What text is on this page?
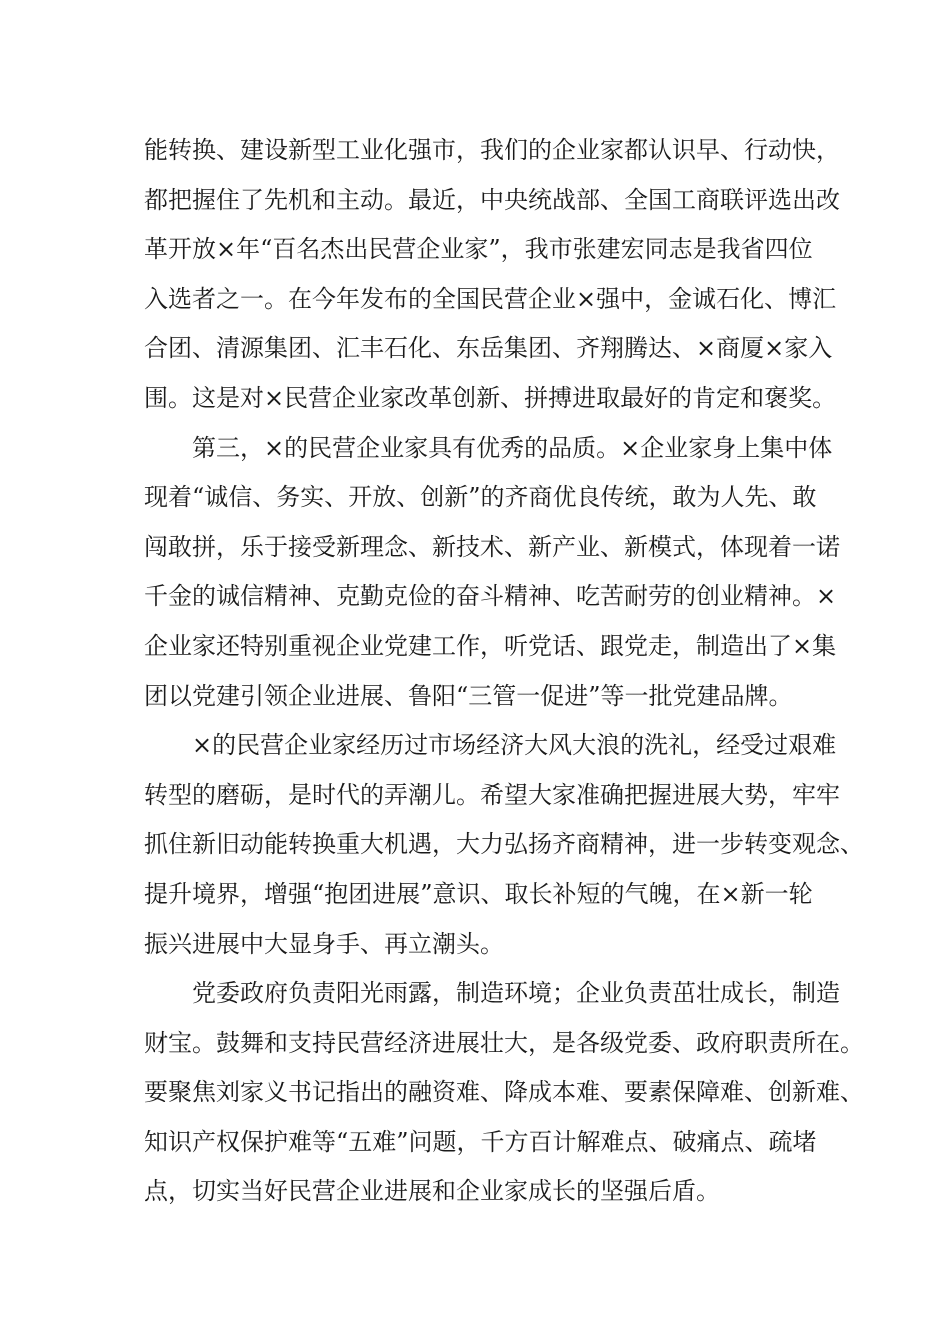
能转换、建设新型工业化强市，我们的企业家都认识早、行动快，
都把握住了先机和主动。最近，中央统战部、全国工商联评选出改
革开放×年“百名杰出民营企业家”，我市张建宏同志是我省四位
入选者之一。在今年发布的全国民营企业×强中，金诚石化、博汇
合团、清源集团、汇丰石化、东岳集团、齐翔腾达、×商厦×家入
围。这是对×民营企业家改革创新、拼搏进取最好的肯定和褒奖。
第三，×的民营企业家具有优秀的品质。×企业家身上集中体
现着“诚信、务实、开放、创新”的齐商优良传统，敢为人先、敢
闯敢拼，乐于接受新理念、新技术、新产业、新模式，体现着一诺
千金的诚信精神、克勤克俭的奋斗精神、吃苦耐劳的创业精神。×
企业家还特别重视企业党建工作，听党话、跟党走，制造出了×集
团以党建引领企业进展、鲁阳“三管一促进”等一批党建品牌。
×的民营企业家经历过市场经济大风大浪的洗礼，经受过艰难
转型的磨砺，是时代的弄潮儿。希望大家准确把握进展大势，牢牢
抓住新旧动能转换重大机遇，大力弘扬齐商精神，进一步转变观念、
提升境界，增强“抱团进展”意识、取长补短的气魄，在×新一轮
振兴进展中大显身手、再立潮头。
党委政府负责阳光雨露，制造环境；企业负责茁壮成长，制造
财宝。鼓舞和支持民营经济进展壮大，是各级党委、政府职责所在。
要聚焦刘家义书记指出的融资难、降成本难、要素保障难、创新难、
知识产权保护难等“五难”问题，千方百计解难点、破痛点、疏堵
点，切实当好民营企业进展和企业家成长的坚强后盾。
